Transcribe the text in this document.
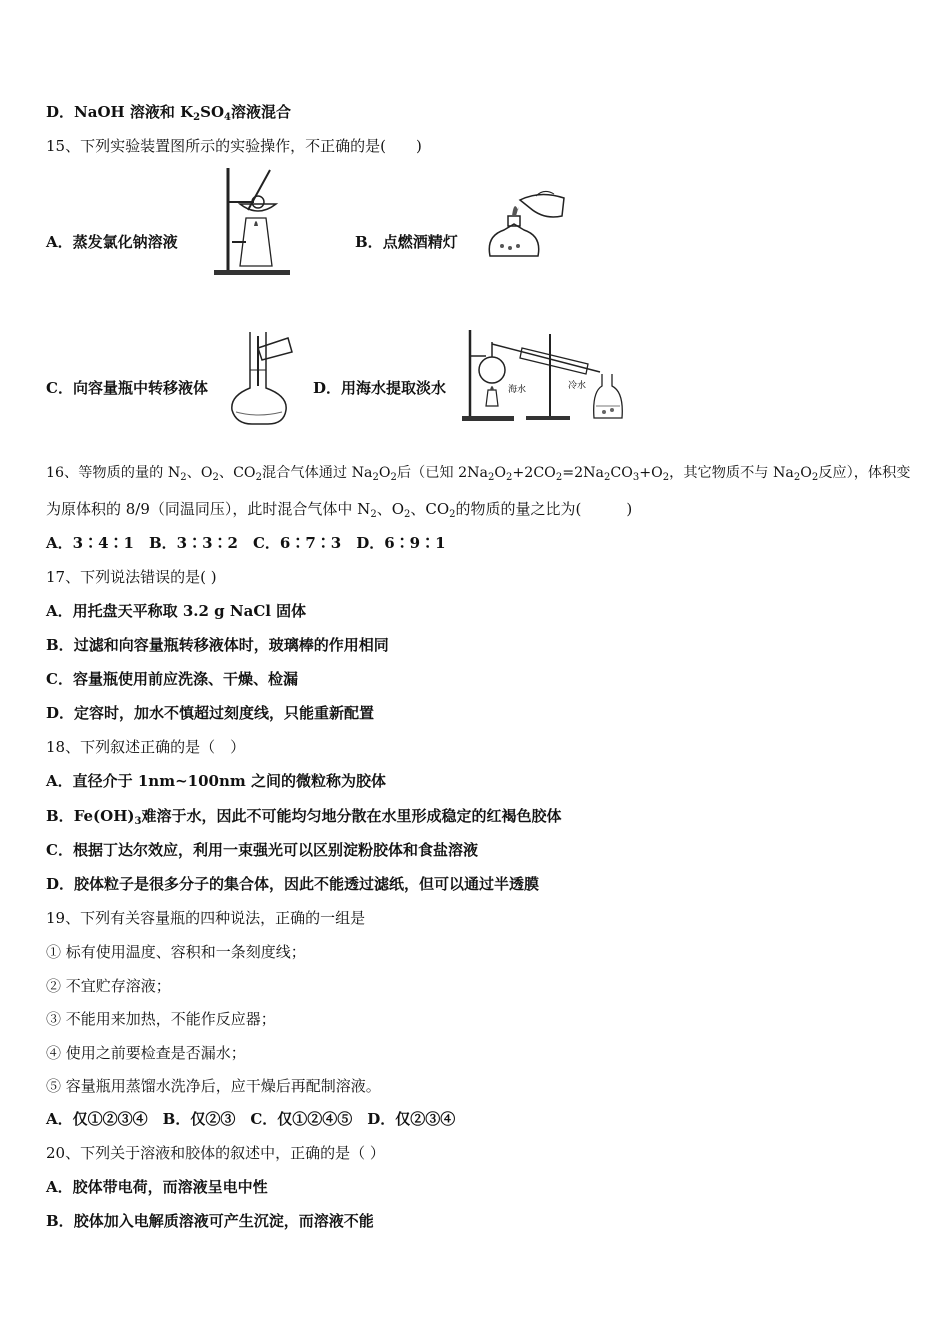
D．NaOH 溶液和 $K_2SO_4$溶液混合
15、下列实验装置图所示的实验操作，不正确的是(　　)
A．蒸发氯化钠溶液	B．点燃酒精灯
C．向容量瓶中转移液体	D．用海水提取淡水	海水	冷水
16、等物质的量的 $N_2$、$O_2$、$CO_2$混合气体通过 $Na_2O_2$后（已知 $2Na_2O_2+2CO_2=2Na_2CO_3+O_2$，其它物质不与 $Na_2O_2$反应），体积变
为原体积的 8/9（同温同压），此时混合气体中 $N_2$、$O_2$、$CO_2$的物质的量之比为(　　　)
A．3∶4∶1　B．3∶3∶2　C．6∶7∶3　D．6∶9∶1
17、下列说法错误的是( )
A．用托盘天平称取 3.2 g NaCl 固体
B．过滤和向容量瓶转移液体时，玻璃棒的作用相同
C．容量瓶使用前应洗涤、干燥、检漏
D．定容时，加水不慎超过刻度线，只能重新配置
18、下列叙述正确的是（　）
A．直径介于 1nm~100nm 之间的微粒称为胶体
B．$Fe(OH)_3$难溶于水，因此不可能均匀地分散在水里形成稳定的红褐色胶体
C．根据丁达尔效应，利用一束强光可以区别淀粉胶体和食盐溶液
D．胶体粒子是很多分子的集合体，因此不能透过滤纸，但可以通过半透膜
19、下列有关容量瓶的四种说法，正确的一组是
① 标有使用温度、容积和一条刻度线；
② 不宜贮存溶液；
③ 不能用来加热，不能作反应器；
④ 使用之前要检查是否漏水；
⑤ 容量瓶用蒸馏水洗净后，应干燥后再配制溶液。
A．仅①②③④　B．仅②③　C．仅①②④⑤　D．仅②③④
20、下列关于溶液和胶体的叙述中，正确的是（ ）
A．胶体带电荷，而溶液呈电中性
B．胶体加入电解质溶液可产生沉淀，而溶液不能
